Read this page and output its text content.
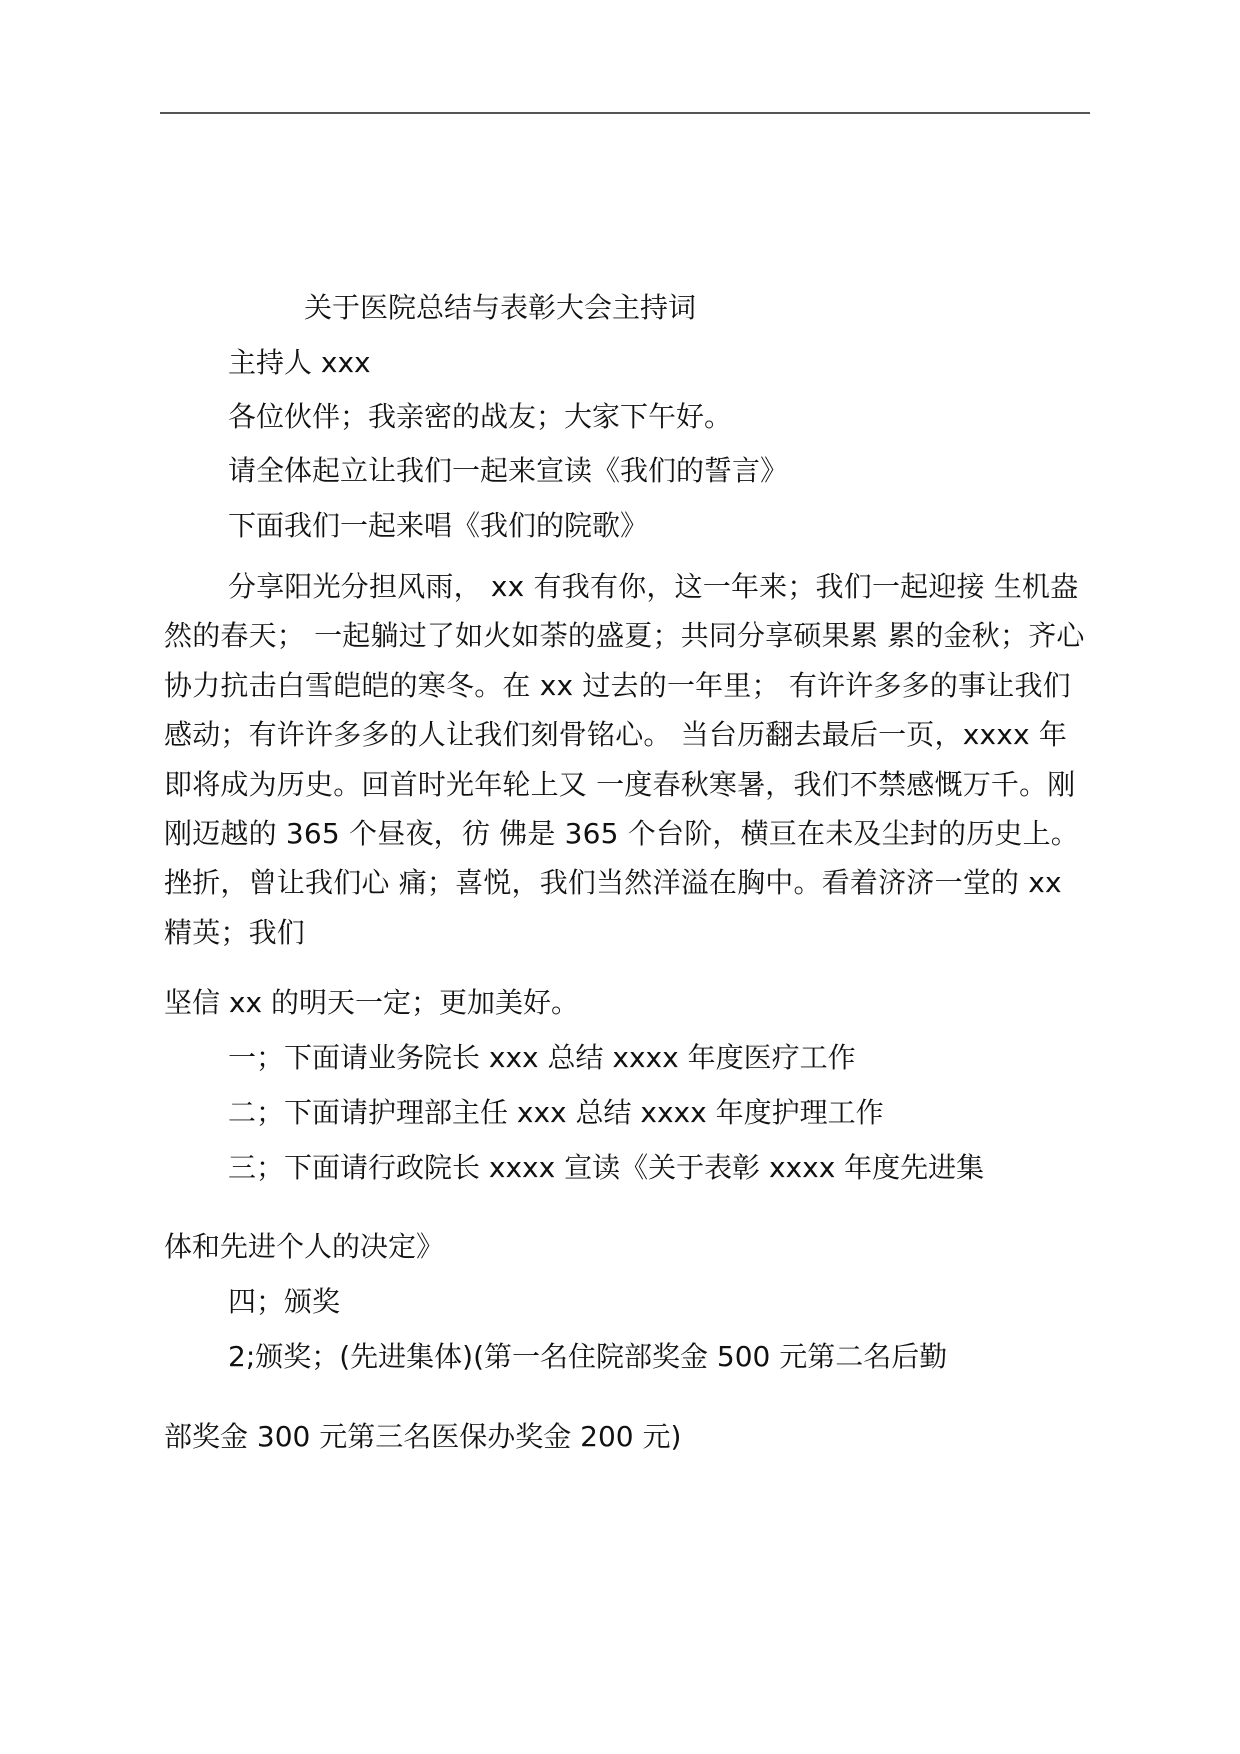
关于医院总结与表彰大会主持词
主持人 xxx
各位伙伴；我亲密的战友；大家下午好。
请全体起立让我们一起来宣读《我们的誓言》
下面我们一起来唱《我们的院歌》
分享阳光分担风雨， xx 有我有你，这一年来；我们一起迎接 生机盎然的春天； 一起躺过了如火如荼的盛夏；共同分享硕果累 累的金秋；齐心协力抗击白雪皑皑的寒冬。在 xx 过去的一年里； 有许许多多的事让我们感动；有许许多多的人让我们刻骨铭心。 当台历翻去最后一页，xxxx 年即将成为历史。回首时光年轮上又 一度春秋寒暑，我们不禁感慨万千。刚刚迈越的 365 个昼夜，彷 佛是 365 个台阶，横亘在未及尘封的历史上。挫折，曾让我们心 痛；喜悦，我们当然洋溢在胸中。看着济济一堂的 xx 精英；我们
坚信 xx 的明天一定；更加美好。
一；下面请业务院长 xxx 总结 xxxx 年度医疗工作
二；下面请护理部主任 xxx 总结 xxxx 年度护理工作
三；下面请行政院长 xxxx 宣读《关于表彰 xxxx 年度先进集
体和先进个人的决定》
四；颁奖
2;颁奖；(先进集体)(第一名住院部奖金 500 元第二名后勤
部奖金 300 元第三名医保办奖金 200 元)
